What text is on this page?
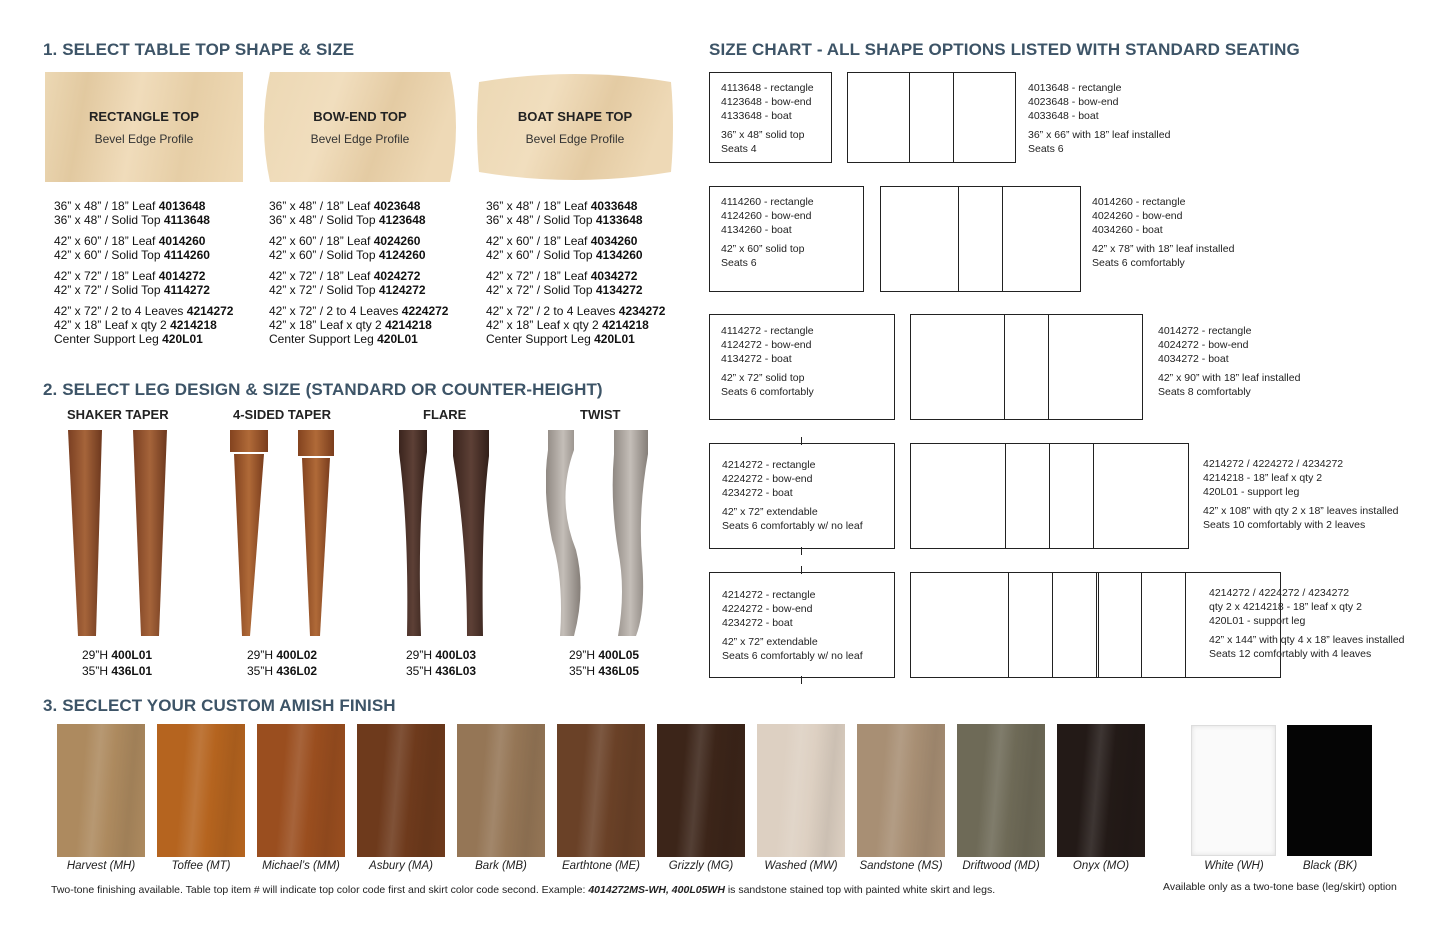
1. SELECT TABLE TOP SHAPE & SIZE
RECTANGLE TOP
Bevel Edge Profile
BOW-END TOP
Bevel Edge Profile
BOAT SHAPE TOP
Bevel Edge Profile
36” x 48” / 18” Leaf 4013648
36” x 48” / Solid Top 4113648
42” x 60” / 18” Leaf 4014260
42” x 60” / Solid Top 4114260
42” x 72” / 18” Leaf 4014272
42” x 72” / Solid Top 4114272
42” x 72” / 2 to 4 Leaves 4214272
42” x 18” Leaf x qty 2 4214218
Center Support Leg 420L01
36” x 48” / 18” Leaf 4023648
36” x 48” / Solid Top 4123648
42” x 60” / 18” Leaf 4024260
42” x 60” / Solid Top 4124260
42” x 72” / 18” Leaf 4024272
42” x 72” / Solid Top 4124272
42” x 72” / 2 to 4 Leaves 4224272
42” x 18” Leaf x qty 2 4214218
Center Support Leg 420L01
36” x 48” / 18” Leaf 4033648
36” x 48” / Solid Top 4133648
42” x 60” / 18” Leaf 4034260
42” x 60” / Solid Top 4134260
42” x 72” / 18” Leaf 4034272
42” x 72” / Solid Top 4134272
42” x 72” / 2 to 4 Leaves 4234272
42” x 18” Leaf x qty 2 4214218
Center Support Leg 420L01
2. SELECT LEG DESIGN & SIZE (STANDARD OR COUNTER-HEIGHT)
SHAKER TAPER	4-SIDED TAPER	FLARE	TWIST
29”H 400L01
35”H 436L01
29”H 400L02
35”H 436L02
29”H 400L03
35”H 436L03
29”H 400L05
35”H 436L05
3. SECLECT YOUR CUSTOM AMISH FINISH
Harvest (MH)	Toffee (MT)	Michael’s (MM)	Asbury (MA)	Bark (MB)	Earthtone (ME)	Grizzly (MG)	Washed (MW)	Sandstone (MS)	Driftwood (MD)	Onyx (MO)	White (WH)	Black (BK)
Two-tone finishing available. Table top item # will indicate top color code first and skirt color code second. Example: 4014272MS-WH, 400L05WH is sandstone stained top with painted white skirt and legs.	Available only as a two-tone base (leg/skirt) option
SIZE CHART - ALL SHAPE OPTIONS LISTED WITH STANDARD SEATING
4113648 - rectangle
4123648 - bow-end
4133648 - boat
36” x 48” solid top
Seats 4
4013648 - rectangle
4023648 - bow-end
4033648 - boat
36” x 66” with 18” leaf installed
Seats 6
4114260 - rectangle
4124260 - bow-end
4134260 - boat
42” x 60” solid top
Seats 6
4014260 - rectangle
4024260 - bow-end
4034260 - boat
42” x 78” with 18” leaf installed
Seats 6 comfortably
4114272 - rectangle
4124272 - bow-end
4134272 - boat
42” x 72” solid top
Seats 6 comfortably
4014272 - rectangle
4024272 - bow-end
4034272 - boat
42” x 90” with 18” leaf installed
Seats 8 comfortably
4214272 - rectangle
4224272 - bow-end
4234272 - boat
42” x 72” extendable
Seats 6 comfortably w/ no leaf
4214272 / 4224272 / 4234272
4214218 - 18” leaf x qty 2
420L01 - support leg
42” x 108” with qty 2 x 18” leaves installed
Seats 10 comfortably with 2 leaves
4214272 - rectangle
4224272 - bow-end
4234272 - boat
42” x 72” extendable
Seats 6 comfortably w/ no leaf
4214272 / 4224272 / 4234272
qty 2 x 4214218 - 18” leaf x qty 2
420L01 - support leg
42” x 144” with qty 4 x 18” leaves installed
Seats 12 comfortably with 4 leaves
